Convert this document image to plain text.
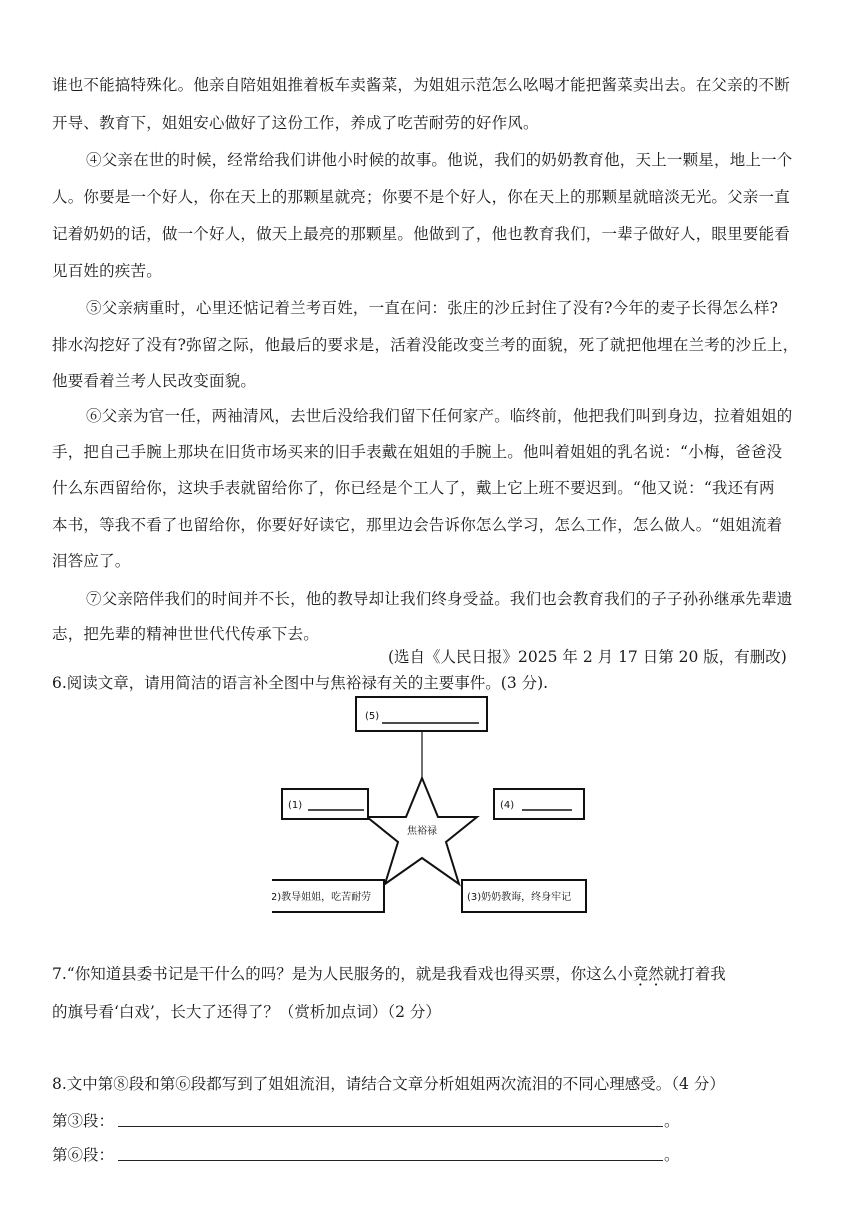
谁也不能搞特殊化。他亲自陪姐姐推着板车卖酱菜，为姐姐示范怎么吆喝才能把酱菜卖出去。在父亲的不断
开导、教育下，姐姐安心做好了这份工作，养成了吃苦耐劳的好作风。
④父亲在世的时候，经常给我们讲他小时候的故事。他说，我们的奶奶教育他，天上一颗星，地上一个
人。你要是一个好人，你在天上的那颗星就亮；你要不是个好人，你在天上的那颗星就暗淡无光。父亲一直
记着奶奶的话，做一个好人，做天上最亮的那颗星。他做到了，他也教育我们，一辈子做好人，眼里要能看
见百姓的疾苦。
⑤父亲病重时，心里还惦记着兰考百姓，一直在问：张庄的沙丘封住了没有?今年的麦子长得怎么样?
排水沟挖好了没有?弥留之际，他最后的要求是，活着没能改变兰考的面貌，死了就把他埋在兰考的沙丘上，
他要看着兰考人民改变面貌。
⑥父亲为官一任，两袖清风，去世后没给我们留下任何家产。临终前，他把我们叫到身边，拉着姐姐的
手，把自己手腕上那块在旧货市场买来的旧手表戴在姐姐的手腕上。他叫着姐姐的乳名说：“小梅，爸爸没
什么东西留给你，这块手表就留给你了，你已经是个工人了，戴上它上班不要迟到。“他又说：“我还有两
本书，等我不看了也留给你，你要好好读它，那里边会告诉你怎么学习，怎么工作，怎么做人。“姐姐流着
泪答应了。
⑦父亲陪伴我们的时间并不长，他的教导却让我们终身受益。我们也会教育我们的子子孙孙继承先辈遗
志，把先辈的精神世世代代传承下去。
(选自《人民日报》2025 年 2 月 17 日第 20 版，有删改)
6.阅读文章，请用简洁的语言补全图中与焦裕禄有关的主要事件。(3 分).
(5)
焦裕禄
(1)	(4)
(2)教导姐姐，吃苦耐劳	(3)奶奶教诲，终身牢记
7.“你知道县委书记是干什么的吗？是为人民服务的，就是我看戏也得买票，你这么小竟然就打着我
的旗号看‘白戏’，长大了还得了？（赏析加点词）（2 分）
8.文中第⑧段和第⑥段都写到了姐姐流泪，请结合文章分析姐姐两次流泪的不同心理感受。（4 分）
第③段：	。
第⑥段：	。
